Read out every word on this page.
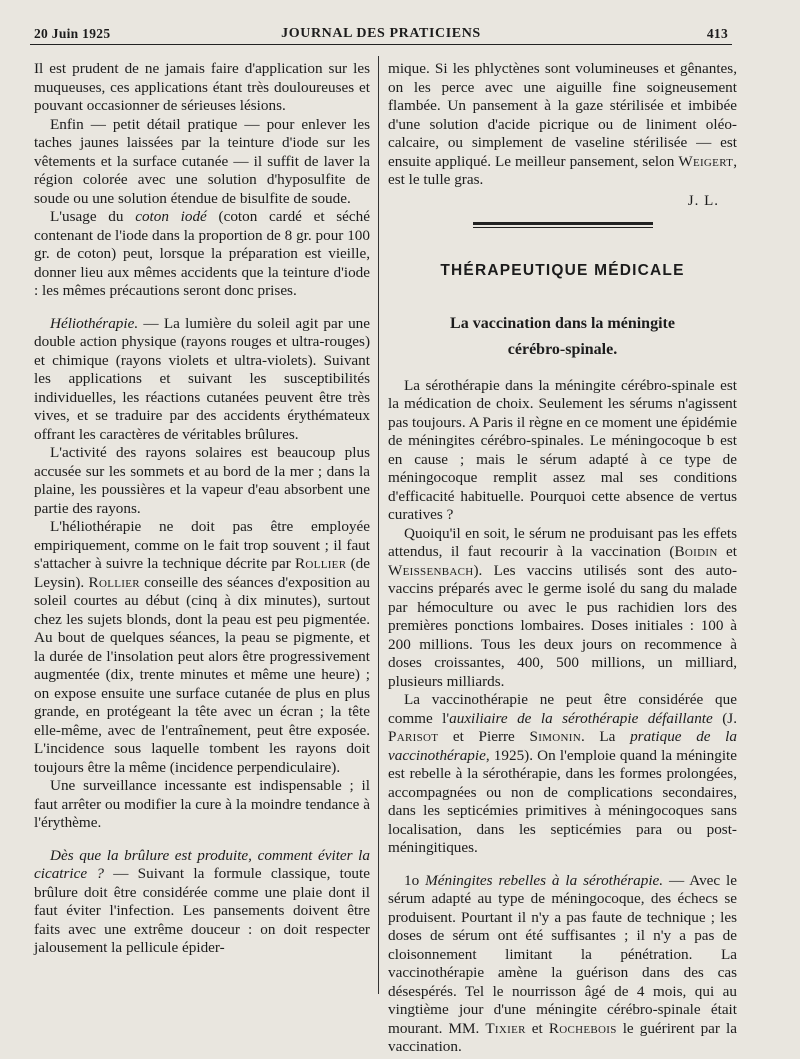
20 Juin 1925	JOURNAL DES PRATICIENS	413

Il est prudent de ne jamais faire d'application sur les muqueuses, ces applications étant très douloureuses et pouvant occasionner de sérieuses lésions.

Enfin — petit détail pratique — pour enlever les taches jaunes laissées par la teinture d'iode sur les vêtements et la surface cutanée — il suffit de laver la région colorée avec une solution d'hyposulfite de soude ou une solution étendue de bisulfite de soude.

L'usage du coton iodé (coton cardé et séché contenant de l'iode dans la proportion de 8 gr. pour 100 gr. de coton) peut, lorsque la préparation est vieille, donner lieu aux mêmes accidents que la teinture d'iode : les mêmes précautions seront donc prises.

Héliothérapie. — La lumière du soleil agit par une double action physique (rayons rouges et ultra-rouges) et chimique (rayons violets et ultra-violets). Suivant les applications et suivant les susceptibilités individuelles, les réactions cutanées peuvent être très vives, et se traduire par des accidents érythémateux offrant les caractères de véritables brûlures.

L'activité des rayons solaires est beaucoup plus accusée sur les sommets et au bord de la mer ; dans la plaine, les poussières et la vapeur d'eau absorbent une partie des rayons.

L'héliothérapie ne doit pas être employée empiriquement, comme on le fait trop souvent ; il faut s'attacher à suivre la technique décrite par Rollier (de Leysin). Rollier conseille des séances d'exposition au soleil courtes au début (cinq à dix minutes), surtout chez les sujets blonds, dont la peau est peu pigmentée. Au bout de quelques séances, la peau se pigmente, et la durée de l'insolation peut alors être progressivement augmentée (dix, trente minutes et même une heure) ; on expose ensuite une surface cutanée de plus en plus grande, en protégeant la tête avec un écran ; la tête elle-même, avec de l'entraînement, peut être exposée. L'incidence sous laquelle tombent les rayons doit toujours être la même (incidence perpendiculaire).

Une surveillance incessante est indispensable ; il faut arrêter ou modifier la cure à la moindre tendance à l'érythème.

Dès que la brûlure est produite, comment éviter la cicatrice ? — Suivant la formule classique, toute brûlure doit être considérée comme une plaie dont il faut éviter l'infection. Les pansements doivent être faits avec une extrême douceur : on doit respecter jalousement la pellicule épider-

mique. Si les phlyctènes sont volumineuses et gênantes, on les perce avec une aiguille fine soigneusement flambée. Un pansement à la gaze stérilisée et imbibée d'une solution d'acide picrique ou de liniment oléo-calcaire, ou simplement de vaseline stérilisée — est ensuite appliqué. Le meilleur pansement, selon Weigert, est le tulle gras.

J. L.
THÉRAPEUTIQUE MÉDICALE
La vaccination dans la méningite
cérébro-spinale.

La sérothérapie dans la méningite cérébro-spinale est la médication de choix. Seulement les sérums n'agissent pas toujours. A Paris il règne en ce moment une épidémie de méningites cérébro-spinales. Le méningocoque b est en cause ; mais le sérum adapté à ce type de méningocoque remplit assez mal ses conditions d'efficacité habituelle. Pourquoi cette absence de vertus curatives ?

Quoiqu'il en soit, le sérum ne produisant pas les effets attendus, il faut recourir à la vaccination (Boidin et Weissenbach). Les vaccins utilisés sont des auto-vaccins préparés avec le germe isolé du sang du malade par hémoculture ou avec le pus rachidien lors des premières ponctions lombaires. Doses initiales : 100 à 200 millions. Tous les deux jours on recommence à doses croissantes, 400, 500 millions, un milliard, plusieurs milliards.

La vaccinothérapie ne peut être considérée que comme l'auxiliaire de la sérothérapie défaillante (J. Parisot et Pierre Simonin. La pratique de la vaccinothérapie, 1925). On l'emploie quand la méningite est rebelle à la sérothérapie, dans les formes prolongées, accompagnées ou non de complications secondaires, dans les septicémies primitives à méningocoques sans localisation, dans les septicémies para ou post-méningitiques.

1o Méningites rebelles à la sérothérapie. — Avec le sérum adapté au type de méningocoque, des échecs se produisent. Pourtant il n'y a pas faute de technique ; les doses de sérum ont été suffisantes ; il n'y a pas de cloisonnement limitant la pénétration. La vaccinothérapie amène la guérison dans des cas désespérés. Tel le nourrisson âgé de 4 mois, qui au vingtième jour d'une méningite cérébro-spinale était mourant. MM. Tixier et Rochebois le guérirent par la vaccination.
